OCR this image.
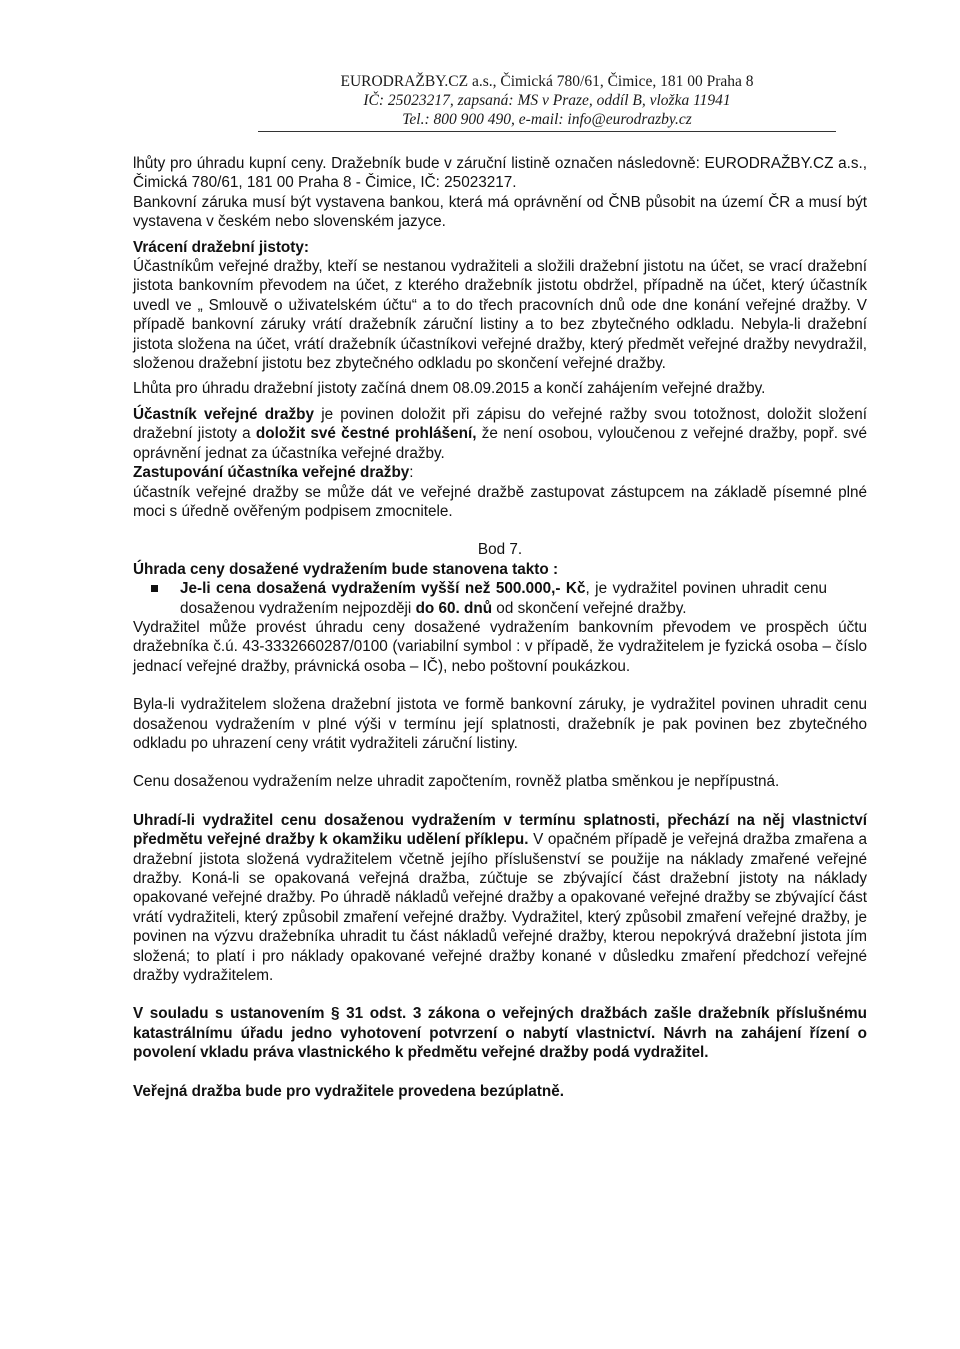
EURODRAŽBY.CZ a.s., Čimická 780/61, Čimice, 181 00 Praha 8
IČ: 25023217, zapsaná: MS v Praze, oddíl B, vložka 11941
Tel.: 800 900 490, e-mail: info@eurodrazby.cz

lhůty pro úhradu kupní ceny. Dražebník bude v záruční listině označen následovně: EURODRAŽBY.CZ a.s., Čimická 780/61, 181 00 Praha 8 - Čimice, IČ: 25023217.

Bankovní záruka musí být vystavena bankou, která má oprávnění od ČNB působit na území ČR a musí být vystavena v českém nebo slovenském jazyce.

Vrácení dražební jistoty:

Účastníkům veřejné dražby, kteří se nestanou vydražiteli a složili dražební jistotu na účet, se vrací dražební jistota bankovním převodem na účet, z kterého dražebník jistotu obdržel, případně na účet, který účastník uvedl ve „ Smlouvě o uživatelském účtu“ a to do třech pracovních dnů ode dne konání veřejné dražby. V případě bankovní záruky vrátí dražebník záruční listiny a to bez zbytečného odkladu. Nebyla-li dražební jistota složena na účet, vrátí dražebník účastníkovi veřejné dražby, který předmět veřejné dražby nevydražil, složenou dražební jistotu bez zbytečného odkladu po skončení veřejné dražby.

Lhůta pro úhradu dražební jistoty začíná dnem 08.09.2015 a končí zahájením veřejné dražby.

Účastník veřejné dražby je povinen doložit při zápisu do veřejné ražby svou totožnost, doložit složení dražební jistoty a doložit své čestné prohlášení, že není osobou, vyloučenou z veřejné dražby, popř. své oprávnění jednat za účastníka veřejné dražby.

Zastupování účastníka veřejné dražby:

účastník veřejné dražby se může dát ve veřejné dražbě zastupovat zástupcem na základě písemné plné moci s úředně ověřeným podpisem zmocnitele.

Bod 7.

Úhrada ceny dosažené vydražením bude stanovena takto :

Je-li cena dosažená vydražením vyšší než 500.000,- Kč, je vydražitel povinen uhradit cenu dosaženou vydražením nejpozději do 60. dnů od skončení veřejné dražby.

Vydražitel může provést úhradu ceny dosažené vydražením bankovním převodem ve prospěch účtu dražebníka č.ú. 43-3332660287/0100 (variabilní symbol : v případě, že vydražitelem je fyzická osoba – číslo jednací veřejné dražby, právnická osoba – IČ), nebo poštovní poukázkou.

Byla-li vydražitelem složena dražební jistota ve formě bankovní záruky, je vydražitel povinen uhradit cenu dosaženou vydražením v plné výši v termínu její splatnosti, dražebník je pak povinen bez zbytečného odkladu po uhrazení ceny vrátit vydražiteli záruční listiny.

Cenu dosaženou vydražením nelze uhradit započtením, rovněž platba směnkou je nepřípustná.

Uhradí-li vydražitel cenu dosaženou vydražením v termínu splatnosti, přechází na něj vlastnictví předmětu veřejné dražby k okamžiku udělení příklepu. V opačném případě je veřejná dražba zmařena a dražební jistota složená vydražitelem včetně jejího příslušenství se použije na náklady zmařené veřejné dražby. Koná-li se opakovaná veřejná dražba, zúčtuje se zbývající část dražební jistoty na náklady opakované veřejné dražby. Po úhradě nákladů veřejné dražby a opakované veřejné dražby se zbývající část vrátí vydražiteli, který způsobil zmaření veřejné dražby. Vydražitel, který způsobil zmaření veřejné dražby, je povinen na výzvu dražebníka uhradit tu část nákladů veřejné dražby, kterou nepokrývá dražební jistota jím složená; to platí i pro náklady opakované veřejné dražby konané v důsledku zmaření předchozí veřejné dražby vydražitelem.

V souladu s ustanovením § 31 odst. 3 zákona o veřejných dražbách zašle dražebník příslušnému katastrálnímu úřadu jedno vyhotovení potvrzení o nabytí vlastnictví. Návrh na zahájení řízení o povolení vkladu práva vlastnického k předmětu veřejné dražby podá vydražitel.

Veřejná dražba bude pro vydražitele provedena bezúplatně.
